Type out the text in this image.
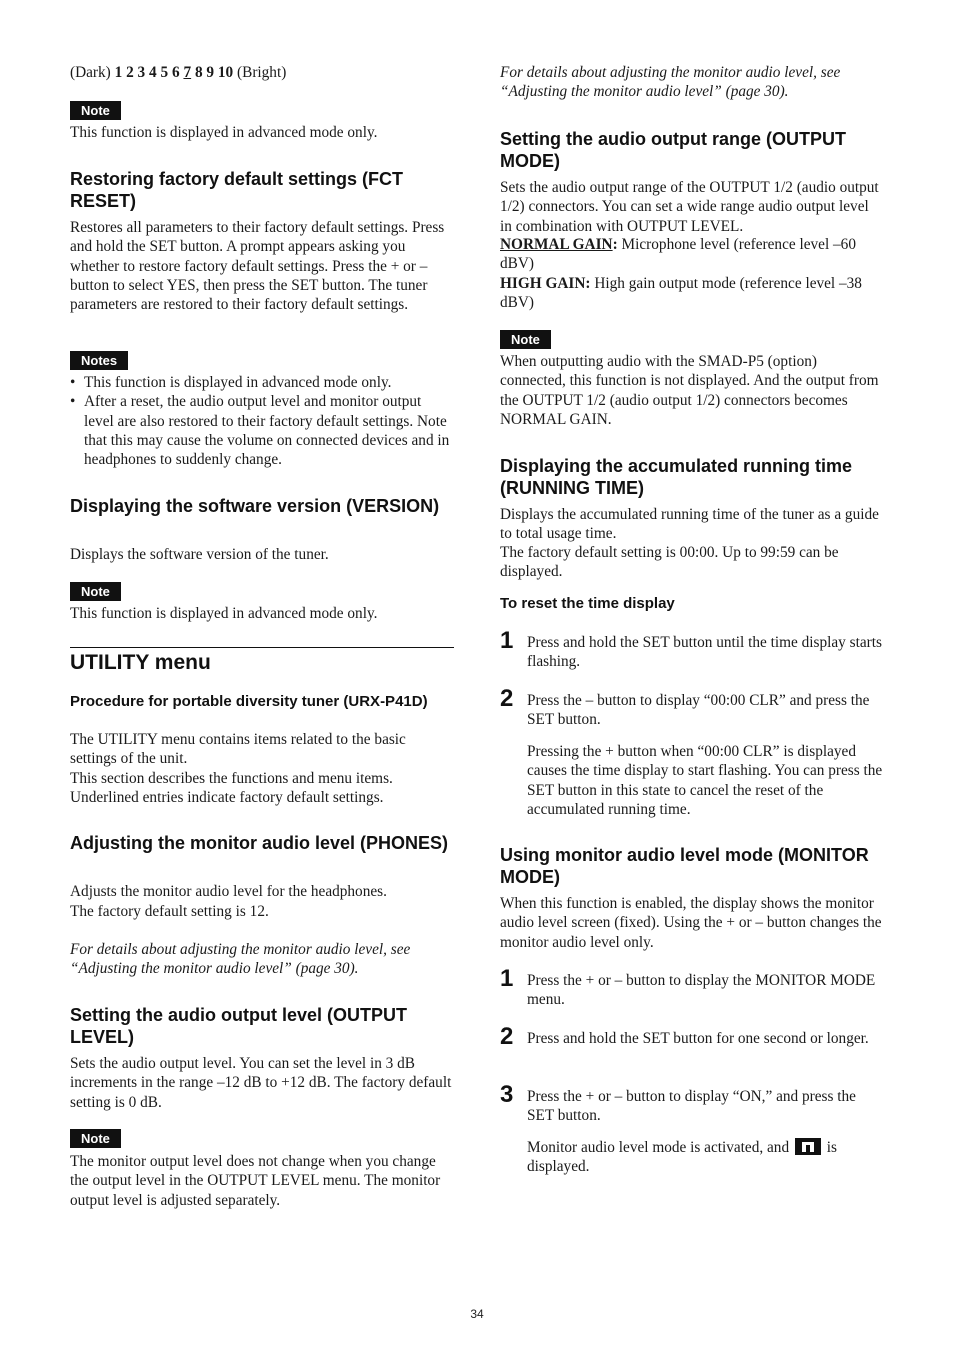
(Dark) 1 2 3 4 5 6 7 8 9 10 (Bright)

Note

This function is displayed in advanced mode only.

Restoring factory default settings (FCT RESET)

Restores all parameters to their factory default settings. Press and hold the SET button. A prompt appears asking you whether to restore factory default settings. Press the + or – button to select YES, then press the SET button. The tuner parameters are restored to their factory default settings.

Notes
• This function is displayed in advanced mode only.
• After a reset, the audio output level and monitor output level are also restored to their factory default settings. Note that this may cause the volume on connected devices and in headphones to suddenly change.
Displaying the software version (VERSION)

Displays the software version of the tuner.

Note

This function is displayed in advanced mode only.

UTILITY menu
Procedure for portable diversity tuner (URX-P41D)

The UTILITY menu contains items related to the basic settings of the unit.

This section describes the functions and menu items. Underlined entries indicate factory default settings.

Adjusting the monitor audio level (PHONES)

Adjusts the monitor audio level for the headphones.

The factory default setting is 12.

For details about adjusting the monitor audio level, see “Adjusting the monitor audio level” (page 30).

Setting the audio output level (OUTPUT LEVEL)

Sets the audio output level. You can set the level in 3 dB increments in the range –12 dB to +12 dB. The factory default setting is 0 dB.

Note

The monitor output level does not change when you change the output level in the OUTPUT LEVEL menu. The monitor output level is adjusted separately.

For details about adjusting the monitor audio level, see “Adjusting the monitor audio level” (page 30).

Setting the audio output range (OUTPUT MODE)

Sets the audio output range of the OUTPUT 1/2 (audio output 1/2) connectors. You can set a wide range audio output level in combination with OUTPUT LEVEL.

NORMAL GAIN: Microphone level (reference level –60 dBV)

HIGH GAIN: High gain output mode (reference level –38 dBV)

Note

When outputting audio with the SMAD-P5 (option) connected, this function is not displayed. And the output from the OUTPUT 1/2 (audio output 1/2) connectors becomes NORMAL GAIN.

Displaying the accumulated running time (RUNNING TIME)

Displays the accumulated running time of the tuner as a guide to total usage time.

The factory default setting is 00:00. Up to 99:59 can be displayed.

To reset the time display
1 Press and hold the SET button until the time display starts flashing.

2 Press the – button to display “00:00 CLR” and press the SET button.

Pressing the + button when “00:00 CLR” is displayed causes the time display to start flashing. You can press the SET button in this state to cancel the reset of the accumulated running time.

Using monitor audio level mode (MONITOR MODE)

When this function is enabled, the display shows the monitor audio level screen (fixed). Using the + or – button changes the monitor audio level only.

1 Press the + or – button to display the MONITOR MODE menu.

2 Press and hold the SET button for one second or longer.

3 Press the + or – button to display “ON,” and press the SET button.

Monitor audio level mode is activated, and is displayed.

34
